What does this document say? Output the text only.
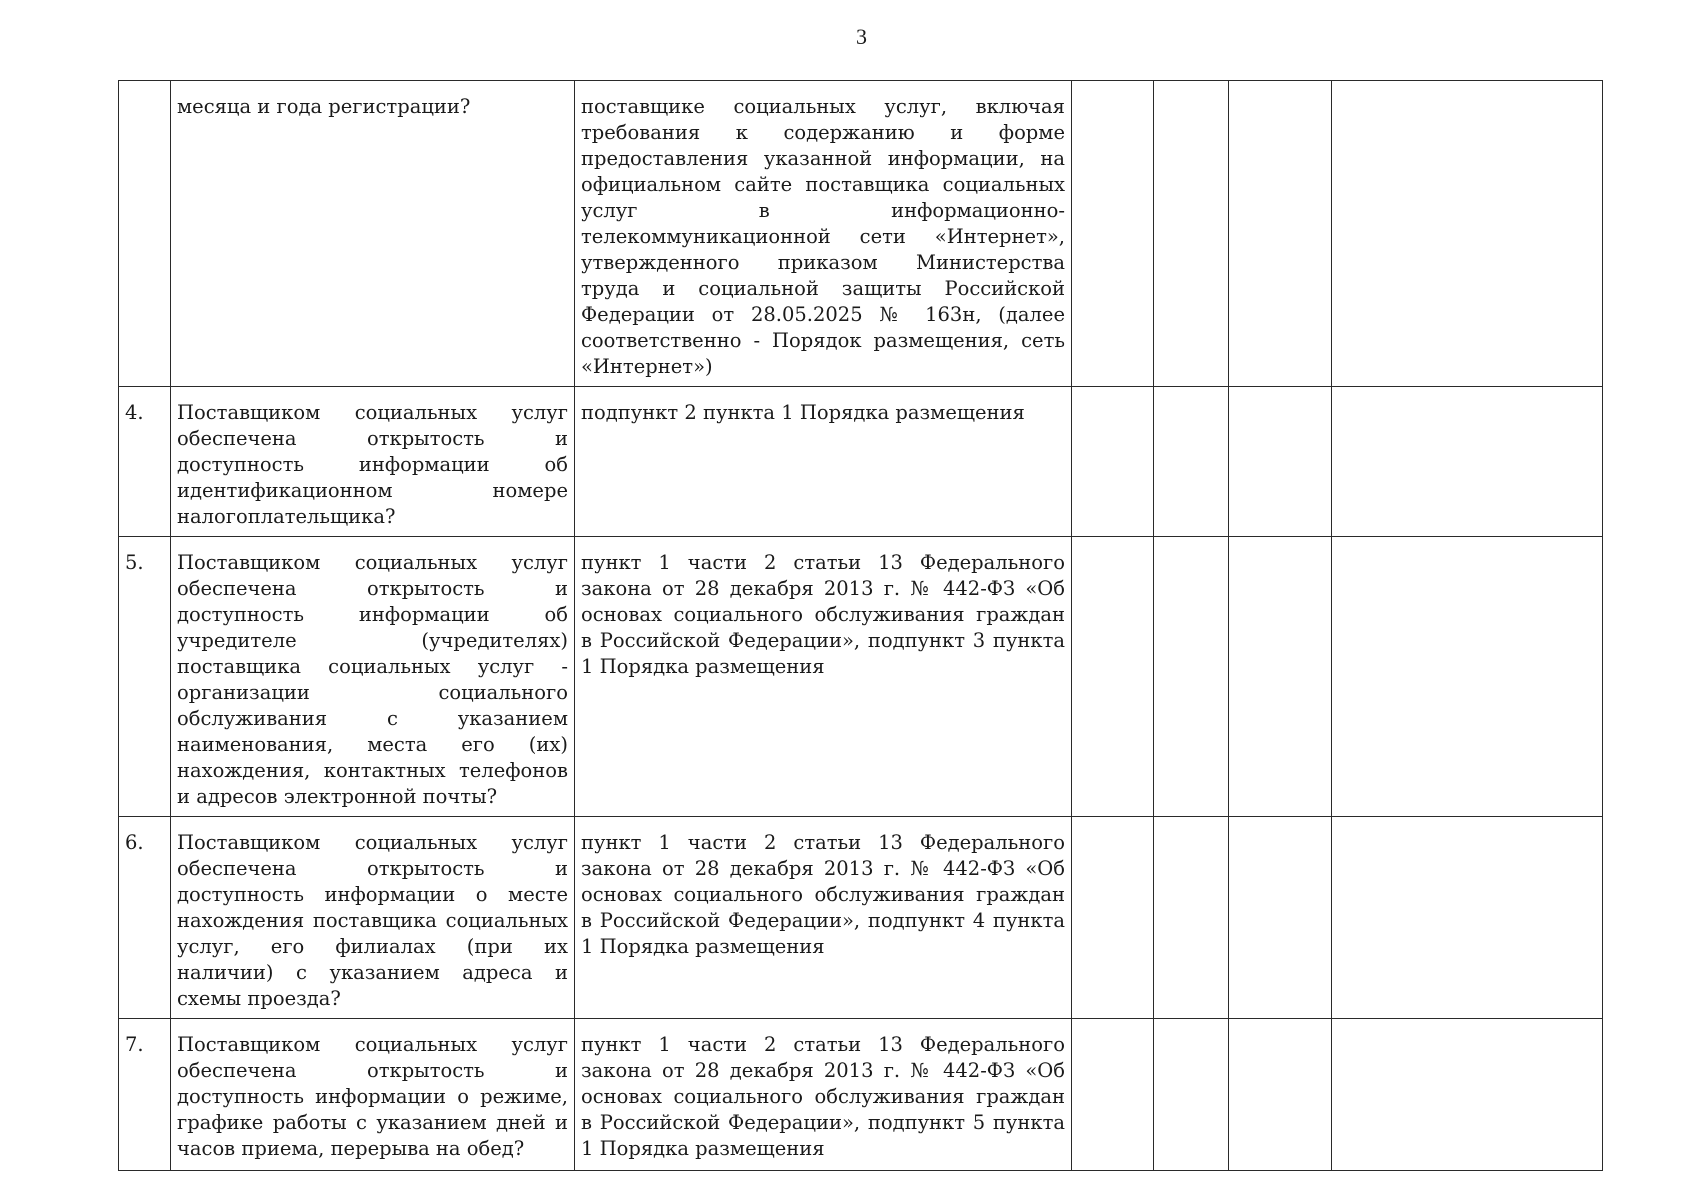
3
	месяца и года регистрации?	поставщике социальных услуг, включая требования к содержанию и форме предоставления указанной информации, на официальном сайте поставщика социальных услуг в информационно-телекоммуникационной сети «Интернет», утвержденного приказом Министерства труда и социальной защиты Российской Федерации от 28.05.2025 № 163н, (далее соответственно - Порядок размещения, сеть «Интернет»)				
4.	Поставщиком социальных услуг обеспечена открытость и доступность информации об идентификационном номере налогоплательщика?	подпункт 2 пункта 1 Порядка размещения				
5.	Поставщиком социальных услуг обеспечена открытость и доступность информации об учредителе (учредителях) поставщика социальных услуг - организации социального обслуживания с указанием наименования, места его (их) нахождения, контактных телефонов и адресов электронной почты?	пункт 1 части 2 статьи 13 Федерального закона от 28 декабря 2013 г. № 442-ФЗ «Об основах социального обслуживания граждан в Российской Федерации», подпункт 3 пункта 1 Порядка размещения				
6.	Поставщиком социальных услуг обеспечена открытость и доступность информации о месте нахождения поставщика социальных услуг, его филиалах (при их наличии) с указанием адреса и схемы проезда?	пункт 1 части 2 статьи 13 Федерального закона от 28 декабря 2013 г. № 442-ФЗ «Об основах социального обслуживания граждан в Российской Федерации», подпункт 4 пункта 1 Порядка размещения				
7.	Поставщиком социальных услуг обеспечена открытость и доступность информации о режиме, графике работы с указанием дней и часов приема, перерыва на обед?	пункт 1 части 2 статьи 13 Федерального закона от 28 декабря 2013 г. № 442-ФЗ «Об основах социального обслуживания граждан в Российской Федерации», подпункт 5 пункта 1 Порядка размещения				
